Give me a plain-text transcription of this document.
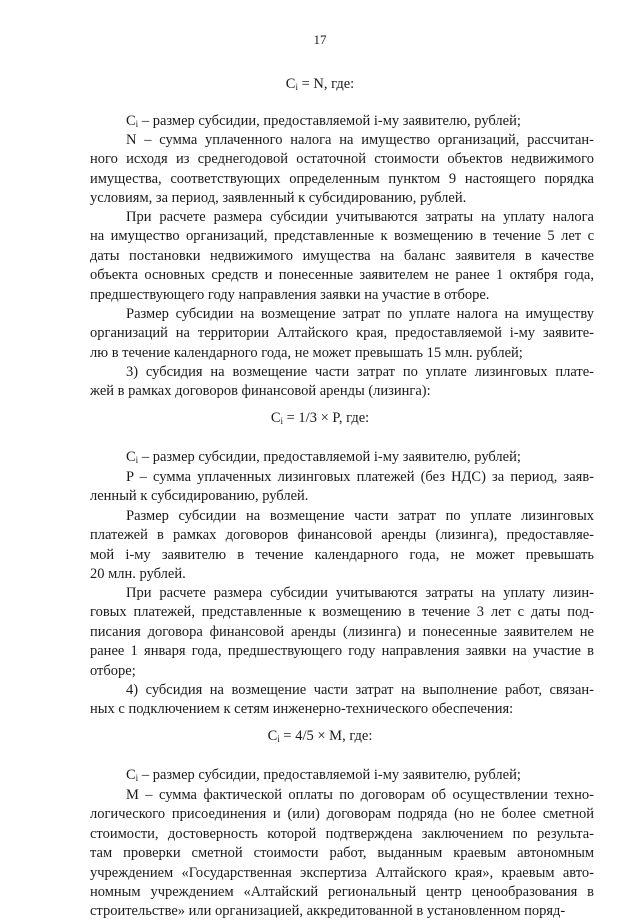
17
$C_i = N$, где:
$C_i$ – размер субсидии, предоставляемой i-му заявителю, рублей;
N – сумма уплаченного налога на имущество организаций, рассчитан-
ного исходя из среднегодовой остаточной стоимости объектов недвижимого
имущества, соответствующих определенным пунктом 9 настоящего порядка
условиям, за период, заявленный к субсидированию, рублей.
При расчете размера субсидии учитываются затраты на уплату налога
на имущество организаций, представленные к возмещению в течение 5 лет с
даты постановки недвижимого имущества на баланс заявителя в качестве
объекта основных средств и понесенные заявителем не ранее 1 октября года,
предшествующего году направления заявки на участие в отборе.
Размер субсидии на возмещение затрат по уплате налога на имуществу
организаций на территории Алтайского края, предоставляемой i-му заявите-
лю в течение календарного года, не может превышать 15 млн. рублей;
3) субсидия на возмещение части затрат по уплате лизинговых плате-
жей в рамках договоров финансовой аренды (лизинга):
$C_i = 1/3 \times P$, где:
$C_i$ – размер субсидии, предоставляемой i-му заявителю, рублей;
P – сумма уплаченных лизинговых платежей (без НДС) за период, заяв-
ленный к субсидированию, рублей.
Размер субсидии на возмещение части затрат по уплате лизинговых
платежей в рамках договоров финансовой аренды (лизинга), предоставляе-
мой i-му заявителю в течение календарного года, не может превышать
20 млн. рублей.
При расчете размера субсидии учитываются затраты на уплату лизин-
говых платежей, представленные к возмещению в течение 3 лет с даты под-
писания договора финансовой аренды (лизинга) и понесенные заявителем не
ранее 1 января года, предшествующего году направления заявки на участие в
отборе;
4) субсидия на возмещение части затрат на выполнение работ, связан-
ных с подключением к сетям инженерно-технического обеспечения:
$C_i = 4/5 \times M$, где:
$C_i$ – размер субсидии, предоставляемой i-му заявителю, рублей;
M – сумма фактической оплаты по договорам об осуществлении техно-
логического присоединения и (или) договорам подряда (но не более сметной
стоимости, достоверность которой подтверждена заключением по результа-
там проверки сметной стоимости работ, выданным краевым автономным
учреждением «Государственная экспертиза Алтайского края», краевым авто-
номным учреждением «Алтайский региональный центр ценообразования в
строительстве» или организацией, аккредитованной в установленном поряд-
